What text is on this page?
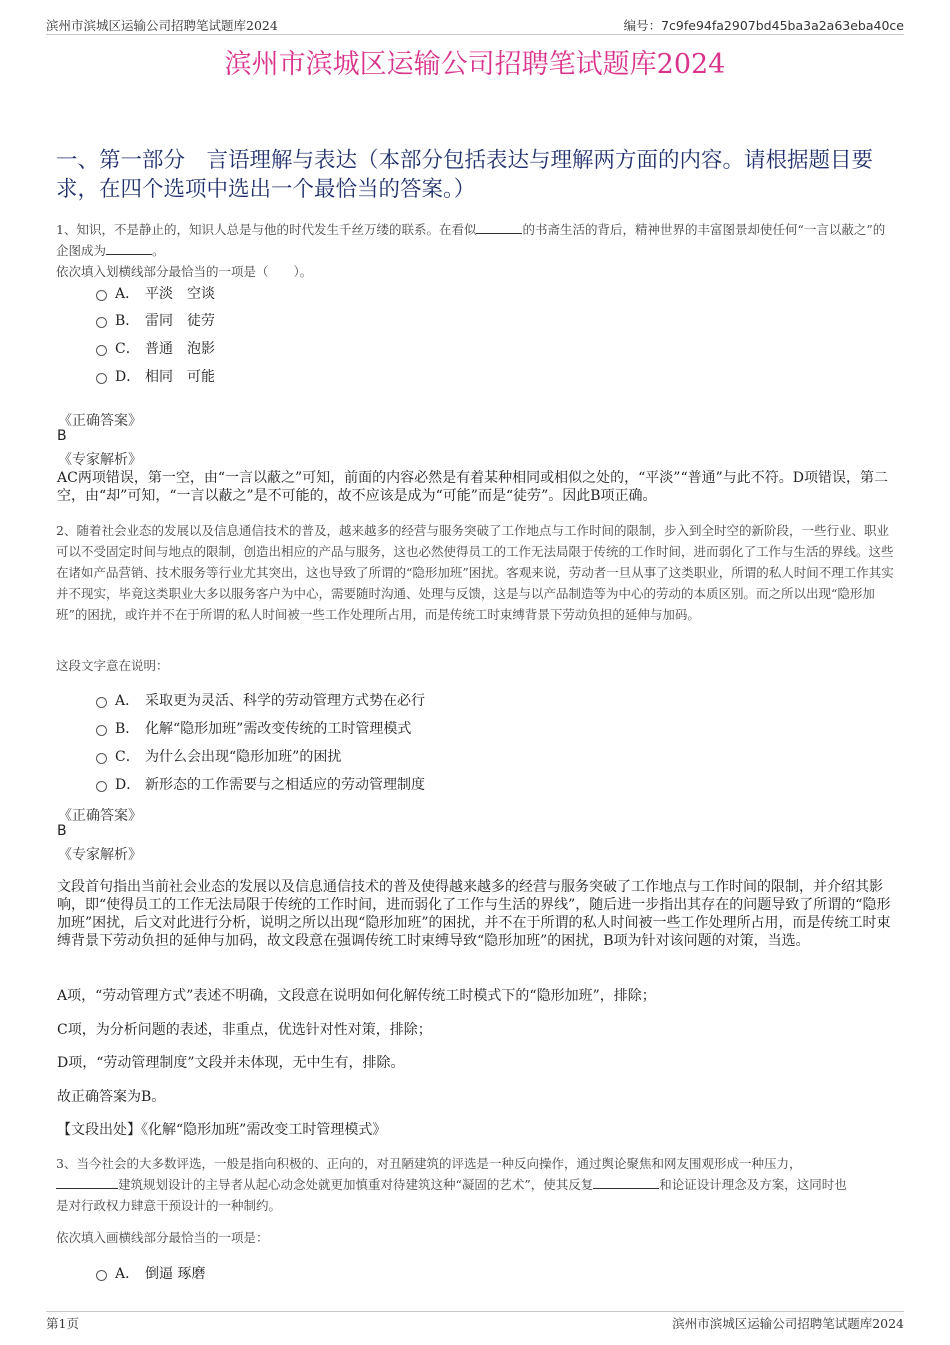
滨州市滨城区运输公司招聘笔试题库2024	编号：7c9fe94fa2907bd45ba3a2a63eba40ce
滨州市滨城区运输公司招聘笔试题库2024
一、第一部分　言语理解与表达（本部分包括表达与理解两方面的内容。请根据题目要求，在四个选项中选出一个最恰当的答案。）
1、知识，不是静止的，知识人总是与他的时代发生千丝万缕的联系。在看似	的书斋生活的背后，精神世界的丰富图景却使任何“一言以蔽之”的企图成为	。
依次填入划横线部分最恰当的一项是（　　）。
A． 平淡　空谈
B． 雷同　徒劳
C． 普通　泡影
D． 相同　可能
《正确答案》
B
《专家解析》
AC两项错误，第一空，由“一言以蔽之”可知，前面的内容必然是有着某种相同或相似之处的，“平淡”“普通”与此不符。D项错误，第二空，由“却”可知，“一言以蔽之”是不可能的，故不应该是成为“可能”而是“徒劳”。因此B项正确。
2、随着社会业态的发展以及信息通信技术的普及，越来越多的经营与服务突破了工作地点与工作时间的限制，步入到全时空的新阶段，一些行业、职业可以不受固定时间与地点的限制，创造出相应的产品与服务，这也必然使得员工的工作无法局限于传统的工作时间，进而弱化了工作与生活的界线。这些在诸如产品营销、技术服务等行业尤其突出，这也导致了所谓的“隐形加班”困扰。客观来说，劳动者一旦从事了这类职业，所谓的私人时间不理工作其实并不现实，毕竟这类职业大多以服务客户为中心，需要随时沟通、处理与反馈，这是与以产品制造等为中心的劳动的本质区别。而之所以出现“隐形加班”的困扰，或许并不在于所谓的私人时间被一些工作处理所占用，而是传统工时束缚背景下劳动负担的延伸与加码。
这段文字意在说明：
A． 采取更为灵活、科学的劳动管理方式势在必行
B． 化解“隐形加班”需改变传统的工时管理模式
C． 为什么会出现“隐形加班”的困扰
D． 新形态的工作需要与之相适应的劳动管理制度
《正确答案》
B
《专家解析》
文段首句指出当前社会业态的发展以及信息通信技术的普及使得越来越多的经营与服务突破了工作地点与工作时间的限制，并介绍其影响，即“使得员工的工作无法局限于传统的工作时间，进而弱化了工作与生活的界线”，随后进一步指出其存在的问题导致了所谓的“隐形加班”困扰，后文对此进行分析，说明之所以出现“隐形加班”的困扰，并不在于所谓的私人时间被一些工作处理所占用，而是传统工时束缚背景下劳动负担的延伸与加码，故文段意在强调传统工时束缚导致“隐形加班”的困扰，B项为针对该问题的对策，当选。
A项，“劳动管理方式”表述不明确，文段意在说明如何化解传统工时模式下的“隐形加班”，排除；
C项，为分析问题的表述，非重点，优选针对性对策，排除；
D项，“劳动管理制度”文段并未体现，无中生有，排除。
故正确答案为B。
【文段出处】《化解“隐形加班”需改变工时管理模式》
3、当今社会的大多数评选，一般是指向积极的、正向的，对丑陋建筑的评选是一种反向操作，通过舆论聚焦和网友围观形成一种压力，
建筑规划设计的主导者从起心动念处就更加慎重对待建筑这种“凝固的艺术”，使其反复	和论证设计理念及方案，这同时也
是对行政权力肆意干预设计的一种制约。
依次填入画横线部分最恰当的一项是：
A． 倒逼 琢磨
第1页	滨州市滨城区运输公司招聘笔试题库2024
